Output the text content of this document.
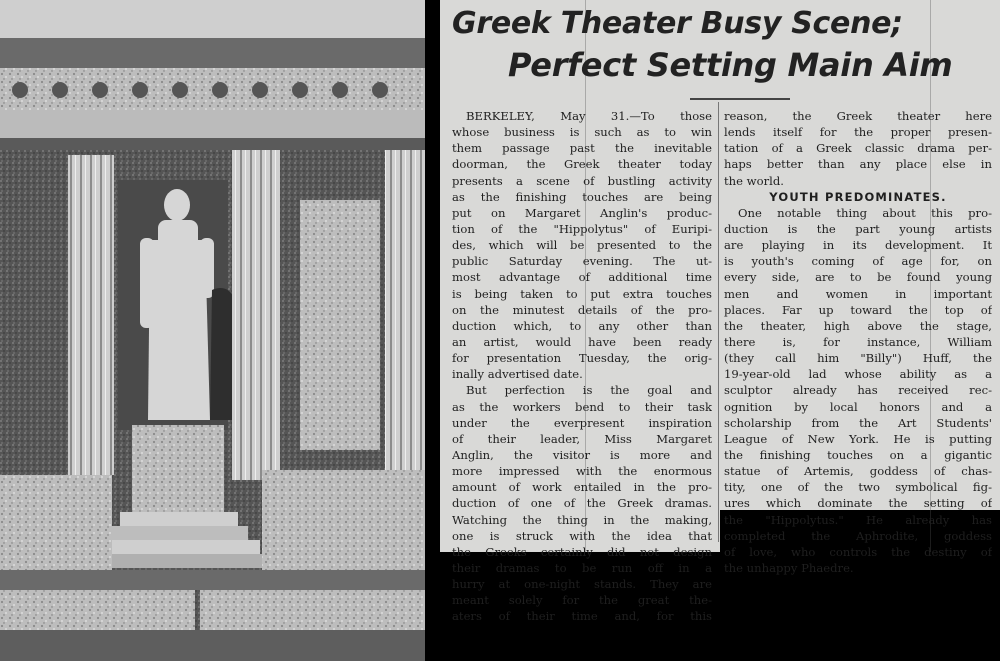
Greek Theater Busy Scene;
Perfect Setting Main Aim
BERKELEY, May 31.—To those
whose business is such as to win
them passage past the inevitable
doorman, the Greek theater today
presents a scene of bustling activity
as the finishing touches are being
put on Margaret Anglin's produc-
tion of the "Hippolytus" of Euripi-
des, which will be presented to the
public Saturday evening. The ut-
most advantage of additional time
is being taken to put extra touches
on the minutest details of the pro-
duction which, to any other than
an artist, would have been ready
for presentation Tuesday, the orig-
inally advertised date.
But perfection is the goal and
as the workers bend to their task
under the everpresent inspiration
of their leader, Miss Margaret
Anglin, the visitor is more and
more impressed with the enormous
amount of work entailed in the pro-
duction of one of the Greek dramas.
Watching the thing in the making,
one is struck with the idea that
the Greeks certainly did not design
their dramas to be run off in a
hurry at one-night stands. They are
meant solely for the great the-
aters of their time and, for this
reason, the Greek theater here
lends itself for the proper presen-
tation of a Greek classic drama per-
haps better than any place else in
the world.
YOUTH PREDOMINATES.
One notable thing about this pro-
duction is the part young artists
are playing in its development. It
is youth's coming of age for, on
every side, are to be found young
men and women in important
places. Far up toward the top of
the theater, high above the stage,
there is, for instance, William
(they call him "Billy") Huff, the
19-year-old lad whose ability as a
sculptor already has received rec-
ognition by local honors and a
scholarship from the Art Students'
League of New York. He is putting
the finishing touches on a gigantic
statue of Artemis, goddess of chas-
tity, one of the two symbolical fig-
ures which dominate the setting of
the "Hippolytus." He already has
completed the Aphrodite, goddess
of love, who controls the destiny of
the unhappy Phaedre.
